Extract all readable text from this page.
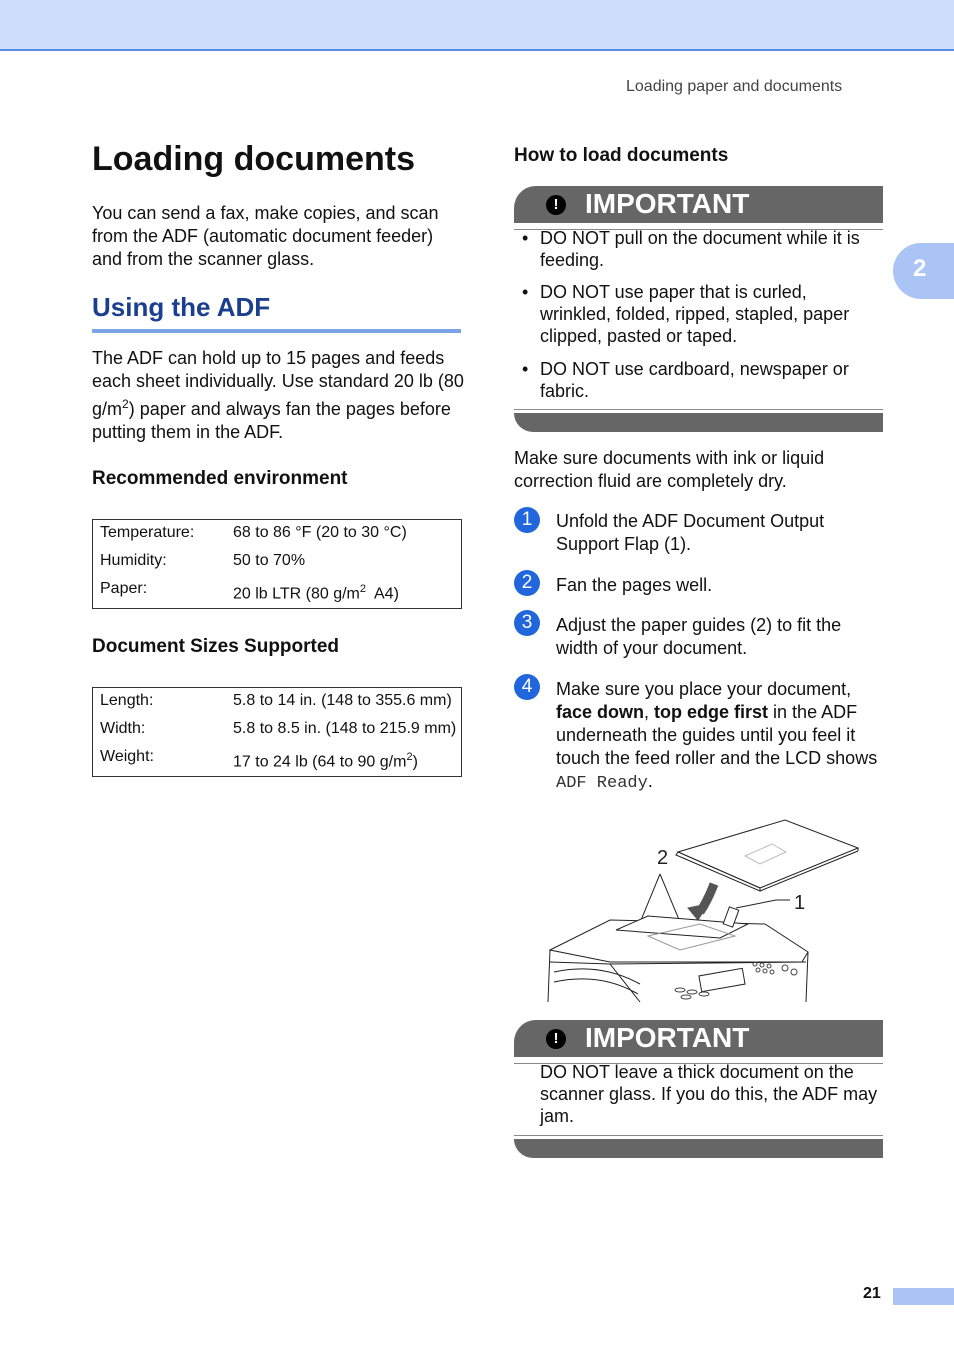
Loading paper and documents
2
Loading documents
You can send a fax, make copies, and scan from the ADF (automatic document feeder) and from the scanner glass.
Using the ADF
The ADF can hold up to 15 pages and feeds each sheet individually. Use standard 20 lb (80 $g/m^2$) paper and always fan the pages before putting them in the ADF.
Recommended environment
Temperature: 68 to 86 °F (20 to 30 °C)
Humidity:	50 to 70%
Paper:	20 lb LTR (80 $g/m^2$  A4)
Document Sizes Supported
Length:	5.8 to 14 in. (148 to 355.6 mm)
Width:	5.8 to 8.5 in. (148 to 215.9 mm)
Weight:	17 to 24 lb (64 to 90 $g/m^2$)
How to load documents
! IMPORTANT
• DO NOT pull on the document while it is feeding.
• DO NOT use paper that is curled, wrinkled, folded, ripped, stapled, paper clipped, pasted or taped.
• DO NOT use cardboard, newspaper or fabric.
Make sure documents with ink or liquid correction fluid are completely dry.
1	Unfold the ADF Document Output Support Flap (1).
2	Fan the pages well.
3	Adjust the paper guides (2) to fit the width of your document.
4	Make sure you place your document, face down, top edge first in the ADF underneath the guides until you feel it touch the feed roller and the LCD shows ADF Ready.
2
1
! IMPORTANT
DO NOT leave a thick document on the scanner glass. If you do this, the ADF may jam.
21
